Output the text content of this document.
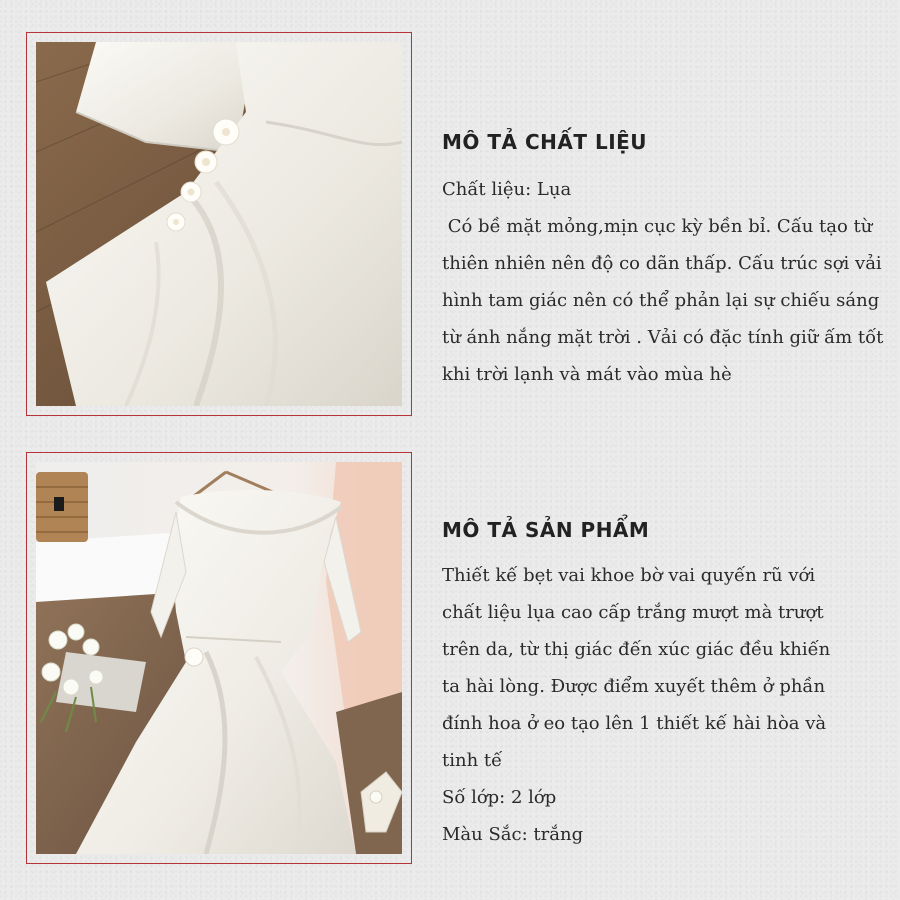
MÔ TẢ CHẤT LIỆU
Chất liệu: Lụa
Có bề mặt mỏng,mịn cục kỳ bền bỉ. Cấu tạo từ
thiên nhiên nên độ co dãn thấp. Cấu trúc sợi vải
hình tam giác nên có thể phản lại sự chiếu sáng
từ ánh nắng mặt trời . Vải có đặc tính giữ ấm tốt
khi trời lạnh và mát vào mùa hè
MÔ TẢ SẢN PHẨM
Thiết kế bẹt vai khoe bờ vai quyến rũ với
chất liệu lụa cao cấp trắng mượt mà trượt
trên da, từ thị giác đến xúc giác đều khiến
ta hài lòng. Được điểm xuyết thêm ở phần
đính hoa ở eo tạo lên 1 thiết kế hài hòa và
tinh tế
Số lớp: 2 lớp
Màu Sắc: trắng
